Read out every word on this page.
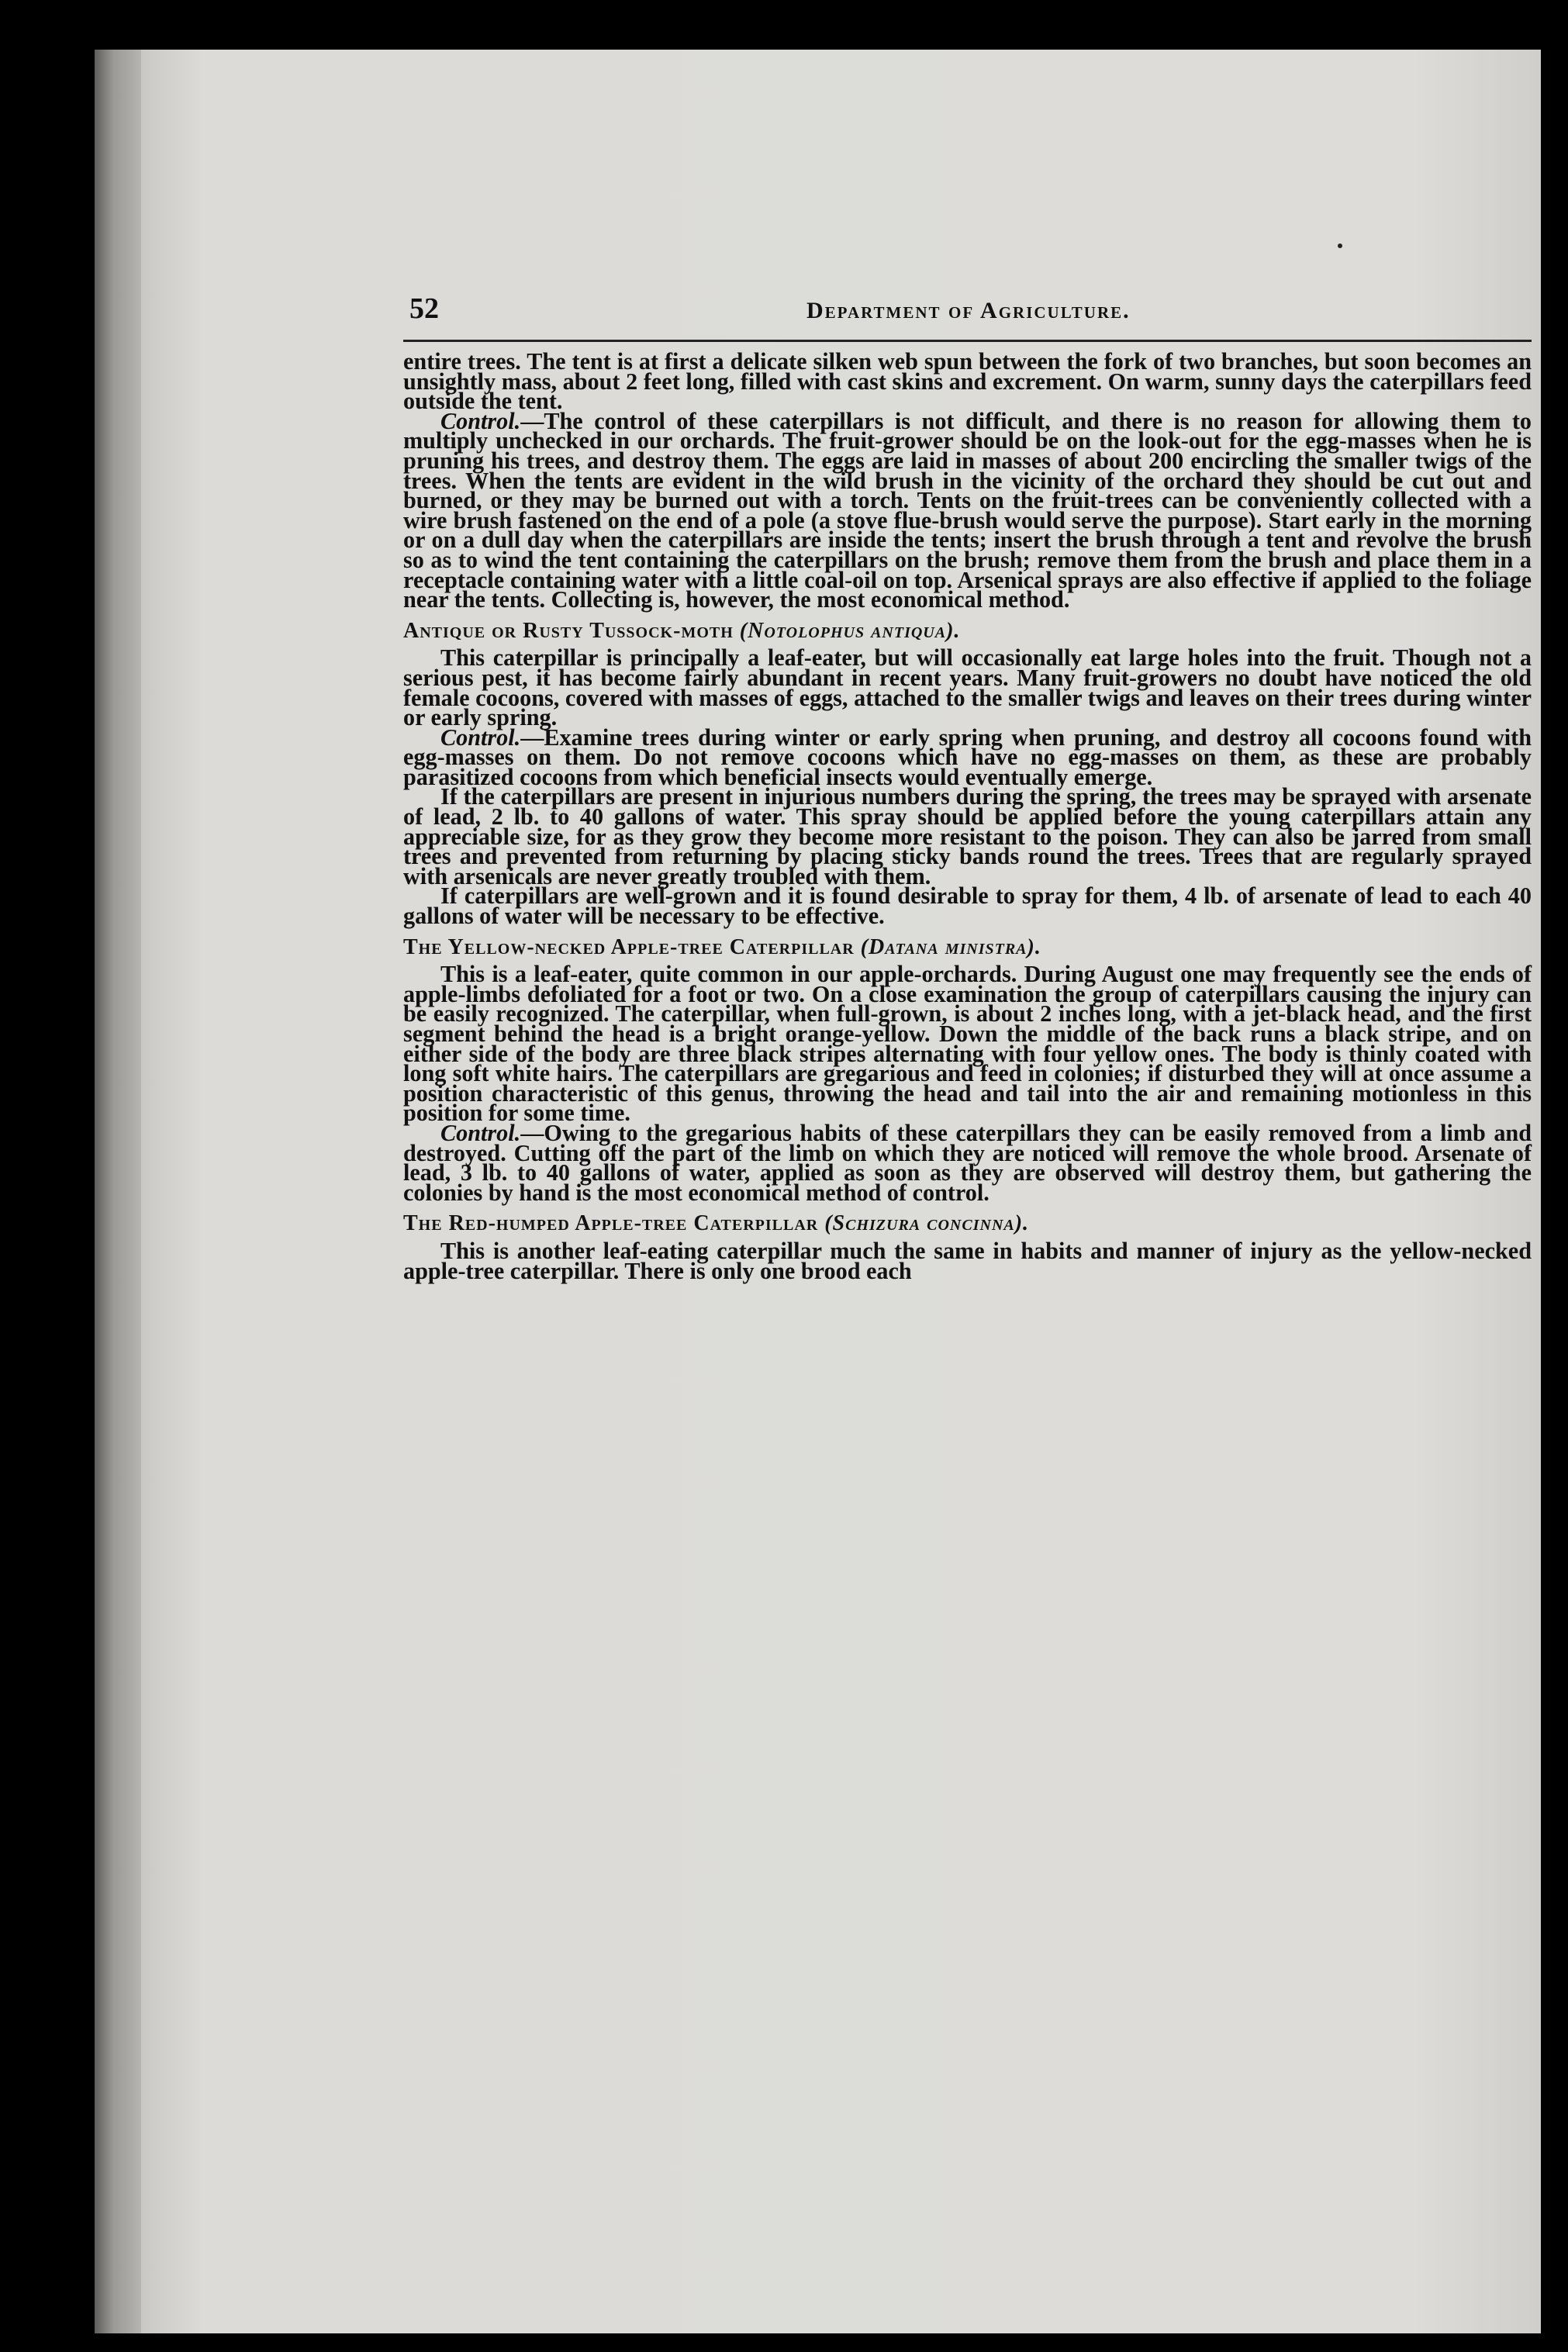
52	Department of Agriculture.

entire trees. The tent is at first a delicate silken web spun between the fork of two branches, but soon becomes an unsightly mass, about 2 feet long, filled with cast skins and excrement. On warm, sunny days the caterpillars feed outside the tent.

Control.—The control of these caterpillars is not difficult, and there is no reason for allowing them to multiply unchecked in our orchards. The fruit-grower should be on the look-out for the egg-masses when he is pruning his trees, and destroy them. The eggs are laid in masses of about 200 encircling the smaller twigs of the trees. When the tents are evident in the wild brush in the vicinity of the orchard they should be cut out and burned, or they may be burned out with a torch. Tents on the fruit-trees can be conveniently collected with a wire brush fastened on the end of a pole (a stove flue-brush would serve the purpose). Start early in the morning or on a dull day when the caterpillars are inside the tents; insert the brush through a tent and revolve the brush so as to wind the tent containing the caterpillars on the brush; remove them from the brush and place them in a receptacle containing water with a little coal-oil on top. Arsenical sprays are also effective if applied to the foliage near the tents. Collecting is, however, the most economical method.

Antique or Rusty Tussock-moth (Notolophus antiqua).

This caterpillar is principally a leaf-eater, but will occasionally eat large holes into the fruit. Though not a serious pest, it has become fairly abundant in recent years. Many fruit-growers no doubt have noticed the old female cocoons, covered with masses of eggs, attached to the smaller twigs and leaves on their trees during winter or early spring.

Control.—Examine trees during winter or early spring when pruning, and destroy all cocoons found with egg-masses on them. Do not remove cocoons which have no egg-masses on them, as these are probably parasitized cocoons from which beneficial insects would eventually emerge.

If the caterpillars are present in injurious numbers during the spring, the trees may be sprayed with arsenate of lead, 2 lb. to 40 gallons of water. This spray should be applied before the young caterpillars attain any appreciable size, for as they grow they become more resistant to the poison. They can also be jarred from small trees and prevented from returning by placing sticky bands round the trees. Trees that are regularly sprayed with arsenicals are never greatly troubled with them.

If caterpillars are well-grown and it is found desirable to spray for them, 4 lb. of arsenate of lead to each 40 gallons of water will be necessary to be effective.

The Yellow-necked Apple-tree Caterpillar (Datana ministra).

This is a leaf-eater, quite common in our apple-orchards. During August one may frequently see the ends of apple-limbs defoliated for a foot or two. On a close examination the group of caterpillars causing the injury can be easily recognized. The caterpillar, when full-grown, is about 2 inches long, with a jet-black head, and the first segment behind the head is a bright orange-yellow. Down the middle of the back runs a black stripe, and on either side of the body are three black stripes alternating with four yellow ones. The body is thinly coated with long soft white hairs. The caterpillars are gregarious and feed in colonies; if disturbed they will at once assume a position characteristic of this genus, throwing the head and tail into the air and remaining motionless in this position for some time.

Control.—Owing to the gregarious habits of these caterpillars they can be easily removed from a limb and destroyed. Cutting off the part of the limb on which they are noticed will remove the whole brood. Arsenate of lead, 3 lb. to 40 gallons of water, applied as soon as they are observed will destroy them, but gathering the colonies by hand is the most economical method of control.

The Red-humped Apple-tree Caterpillar (Schizura concinna).

This is another leaf-eating caterpillar much the same in habits and manner of injury as the yellow-necked apple-tree caterpillar. There is only one brood each
